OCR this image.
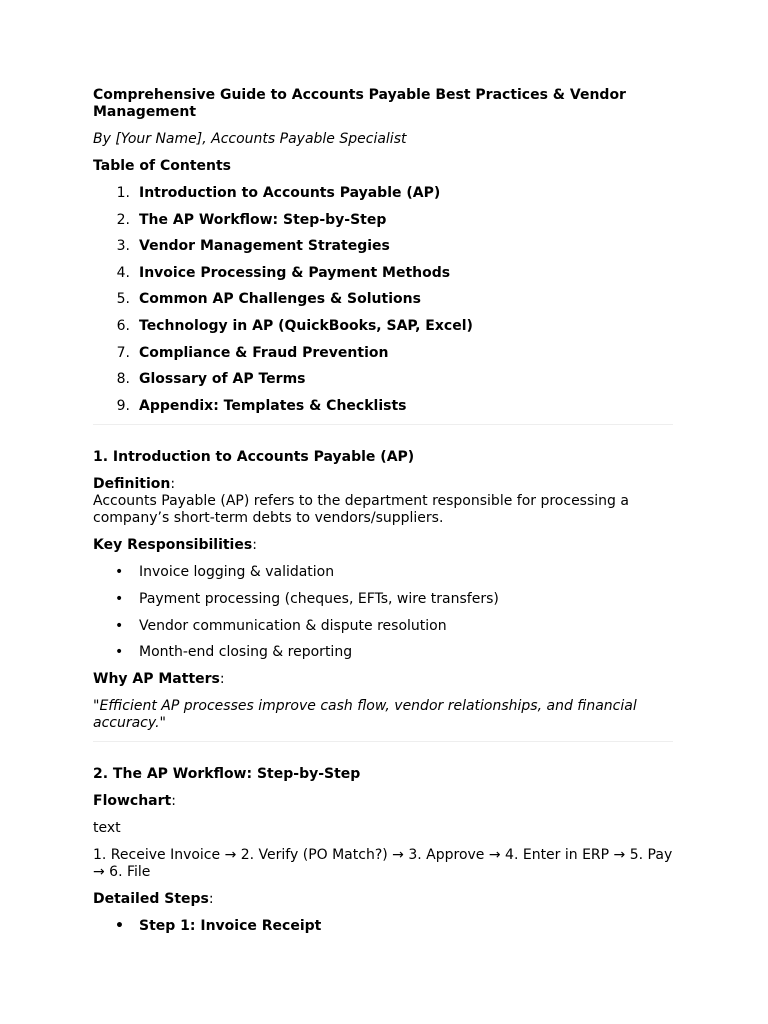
Comprehensive Guide to Accounts Payable Best Practices & Vendor Management

By [Your Name], Accounts Payable Specialist

Table of Contents

1. Introduction to Accounts Payable (AP)
2. The AP Workflow: Step-by-Step
3. Vendor Management Strategies
4. Invoice Processing & Payment Methods
5. Common AP Challenges & Solutions
6. Technology in AP (QuickBooks, SAP, Excel)
7. Compliance & Fraud Prevention
8. Glossary of AP Terms
9. Appendix: Templates & Checklists

1. Introduction to Accounts Payable (AP)

Definition:
Accounts Payable (AP) refers to the department responsible for processing a company’s short-term debts to vendors/suppliers.

Key Responsibilities:

• Invoice logging & validation
• Payment processing (cheques, EFTs, wire transfers)
• Vendor communication & dispute resolution
• Month-end closing & reporting

Why AP Matters:

"Efficient AP processes improve cash flow, vendor relationships, and financial accuracy."

2. The AP Workflow: Step-by-Step

Flowchart:

text

1. Receive Invoice → 2. Verify (PO Match?) → 3. Approve → 4. Enter in ERP → 5. Pay → 6. File

Detailed Steps:

• Step 1: Invoice Receipt
